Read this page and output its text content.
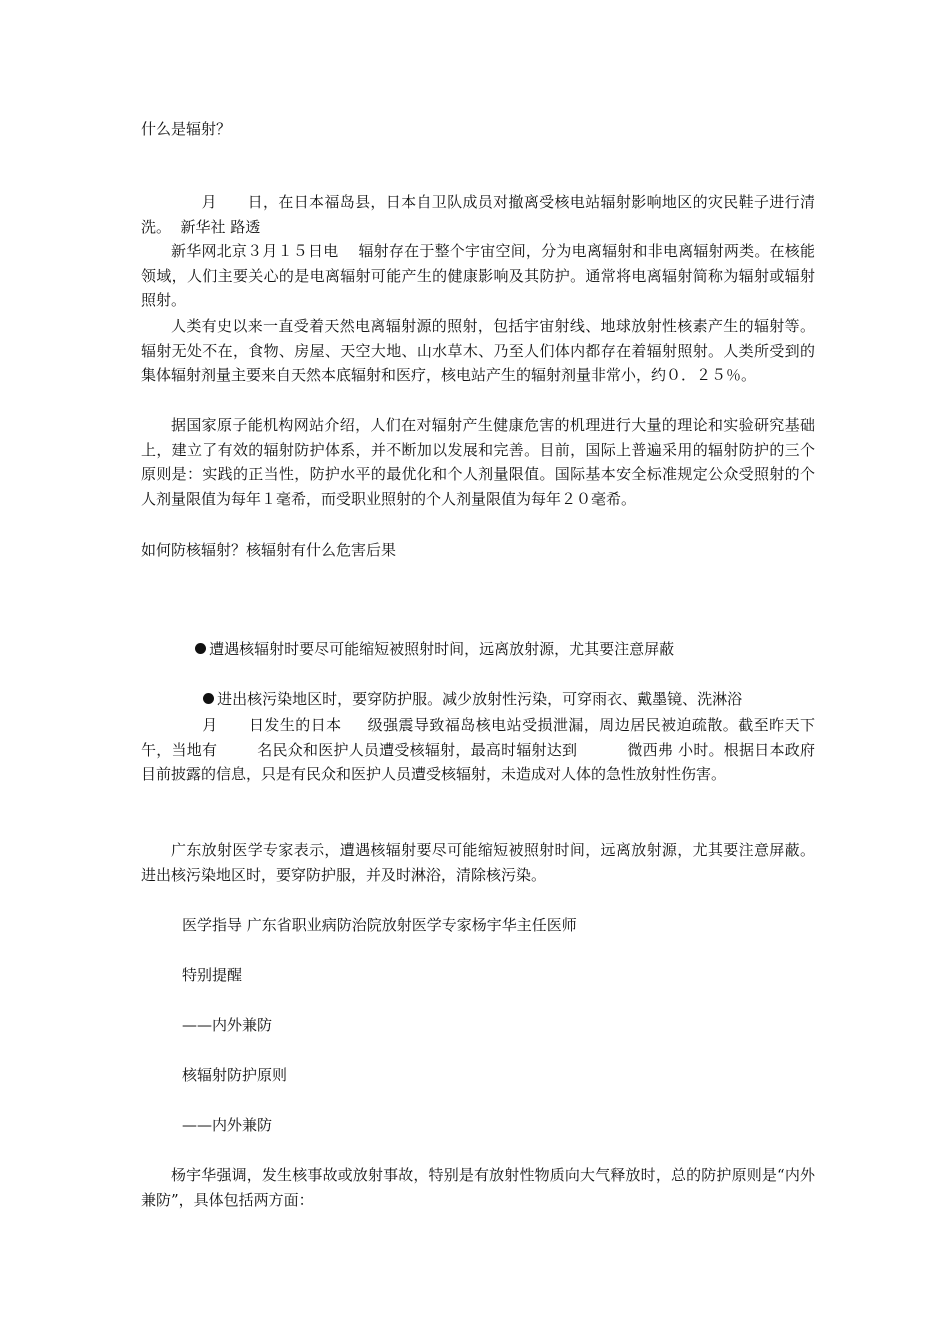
什么是辐射？
月      日，在日本福岛县，日本自卫队成员对撤离受核电站辐射影响地区的灾民鞋子进行清洗。  新华社 路透
新华网北京３月１５日电    辐射存在于整个宇宙空间，分为电离辐射和非电离辐射两类。在核能领域，人们主要关心的是电离辐射可能产生的健康影响及其防护。通常将电离辐射简称为辐射或辐射照射。
人类有史以来一直受着天然电离辐射源的照射，包括宇宙射线、地球放射性核素产生的辐射等。辐射无处不在，食物、房屋、天空大地、山水草木、乃至人们体内都存在着辐射照射。人类所受到的集体辐射剂量主要来自天然本底辐射和医疗，核电站产生的辐射剂量非常小，约０．２５％。
据国家原子能机构网站介绍，人们在对辐射产生健康危害的机理进行大量的理论和实验研究基础上，建立了有效的辐射防护体系，并不断加以发展和完善。目前，国际上普遍采用的辐射防护的三个原则是：实践的正当性，防护水平的最优化和个人剂量限值。国际基本安全标准规定公众受照射的个人剂量限值为每年１毫希，而受职业照射的个人剂量限值为每年２０毫希。
如何防核辐射？核辐射有什么危害后果

遭遇核辐射时要尽可能缩短被照射时间，远离放射源，尤其要注意屏蔽

进出核污染地区时，要穿防护服。减少放射性污染，可穿雨衣、戴墨镜、洗淋浴

月      日发生的日本     级强震导致福岛核电站受损泄漏，周边居民被迫疏散。截至昨天下午，当地有        名民众和医护人员遭受核辐射，最高时辐射达到          微西弗 小时。根据日本政府目前披露的信息，只是有民众和医护人员遭受核辐射，未造成对人体的急性放射性伤害。
广东放射医学专家表示，遭遇核辐射要尽可能缩短被照射时间，远离放射源，尤其要注意屏蔽。进出核污染地区时，要穿防护服，并及时淋浴，清除核污染。
医学指导 广东省职业病防治院放射医学专家杨宇华主任医师
特别提醒
——内外兼防
核辐射防护原则
——内外兼防
杨宇华强调，发生核事故或放射事故，特别是有放射性物质向大气释放时，总的防护原则是“内外兼防”，具体包括两方面：
